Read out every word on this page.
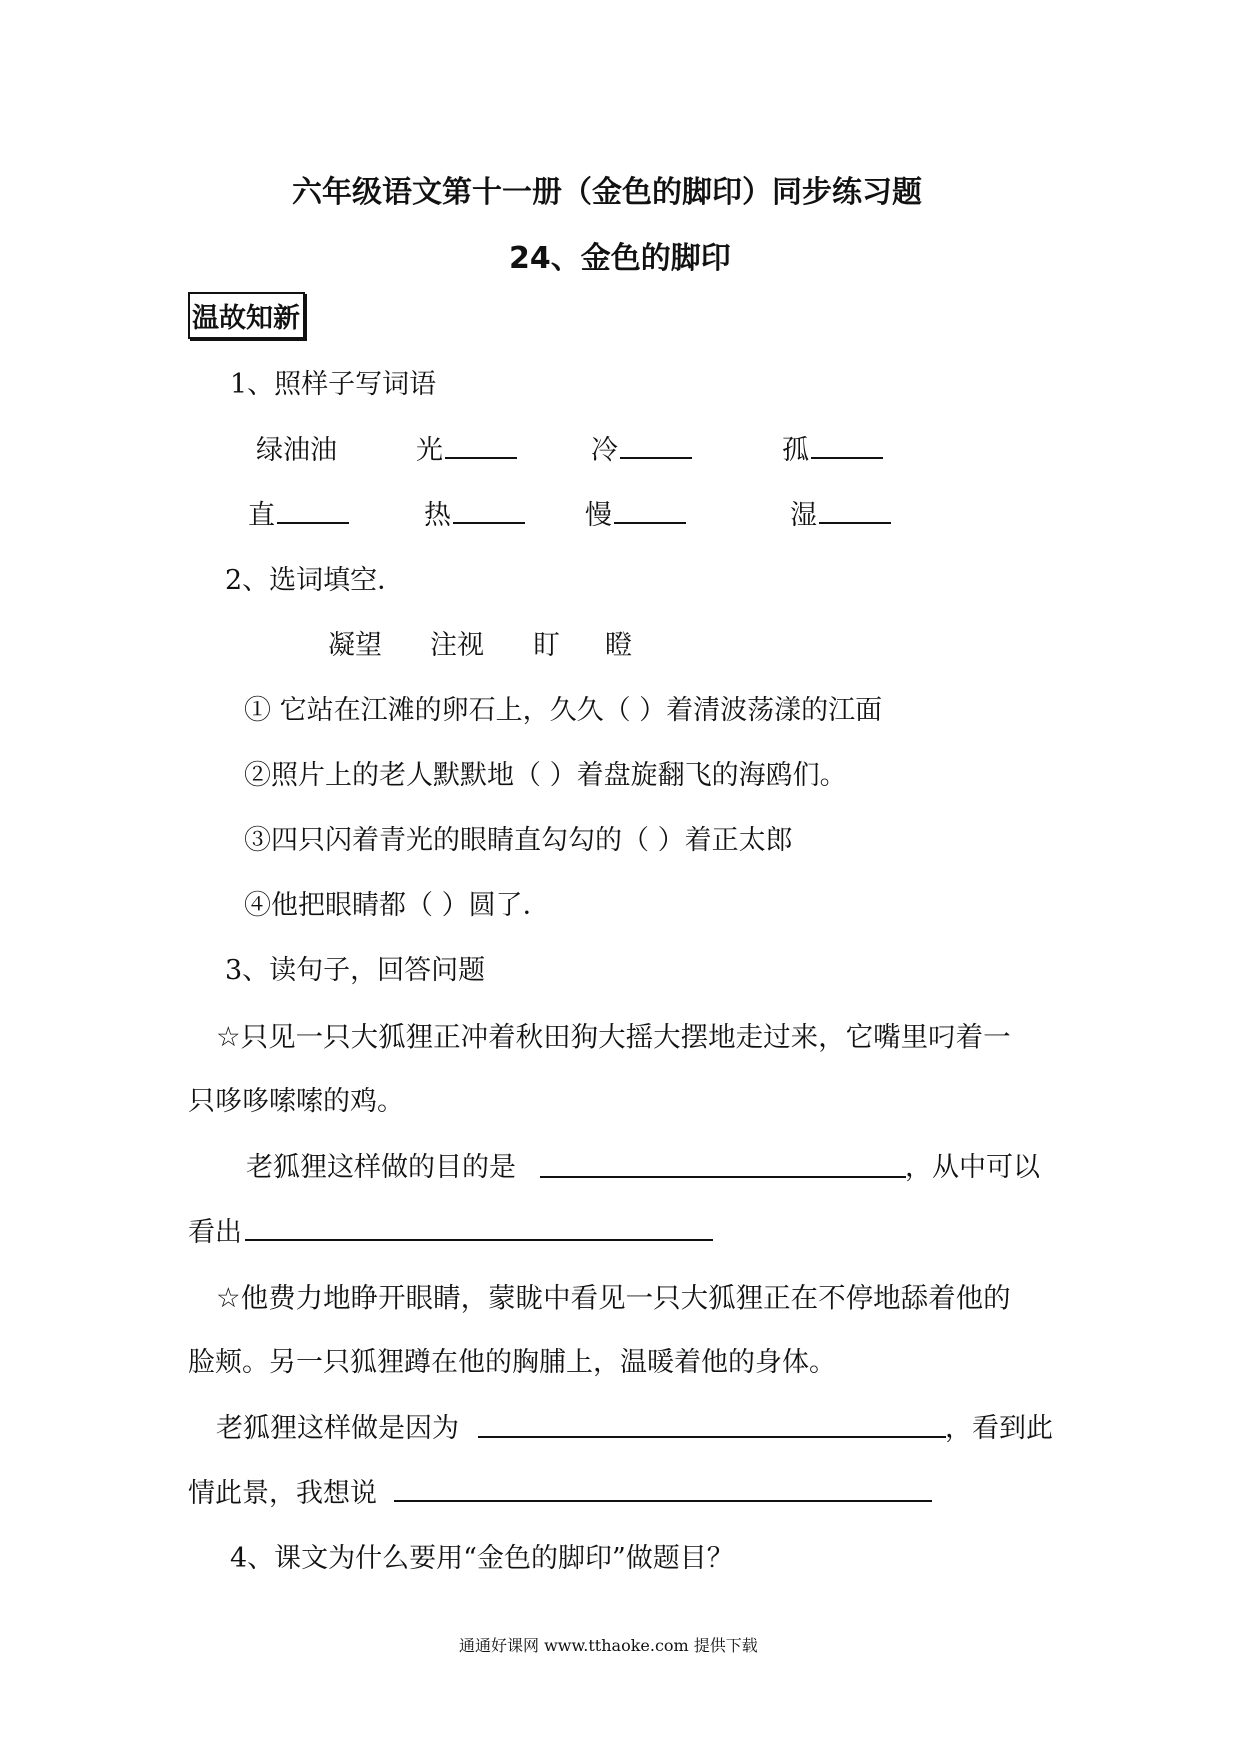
六年级语文第十一册（金色的脚印）同步练习题
24、金色的脚印
温故知新
1、照样子写词语
绿油油	光	冷	孤
直	热	慢	湿
2、选词填空．
凝望 注视 盯 瞪
① 它站在江滩的卵石上，久久（ ）着清波荡漾的江面
②照片上的老人默默地（ ）着盘旋翻飞的海鸥们。
③四只闪着青光的眼睛直勾勾的（ ）着正太郎
④他把眼睛都（ ）圆了．
3、读句子，回答问题
☆只见一只大狐狸正冲着秋田狗大摇大摆地走过来，它嘴里叼着一
只哆哆嗦嗦的鸡。
老狐狸这样做的目的是	，从中可以
看出
☆他费力地睁开眼睛，蒙眬中看见一只大狐狸正在不停地舔着他的
脸颊。另一只狐狸蹲在他的胸脯上，温暖着他的身体。
老狐狸这样做是因为	，看到此
情此景，我想说
4、课文为什么要用“金色的脚印”做题目？
通通好课网 www.tthaoke.com 提供下载
